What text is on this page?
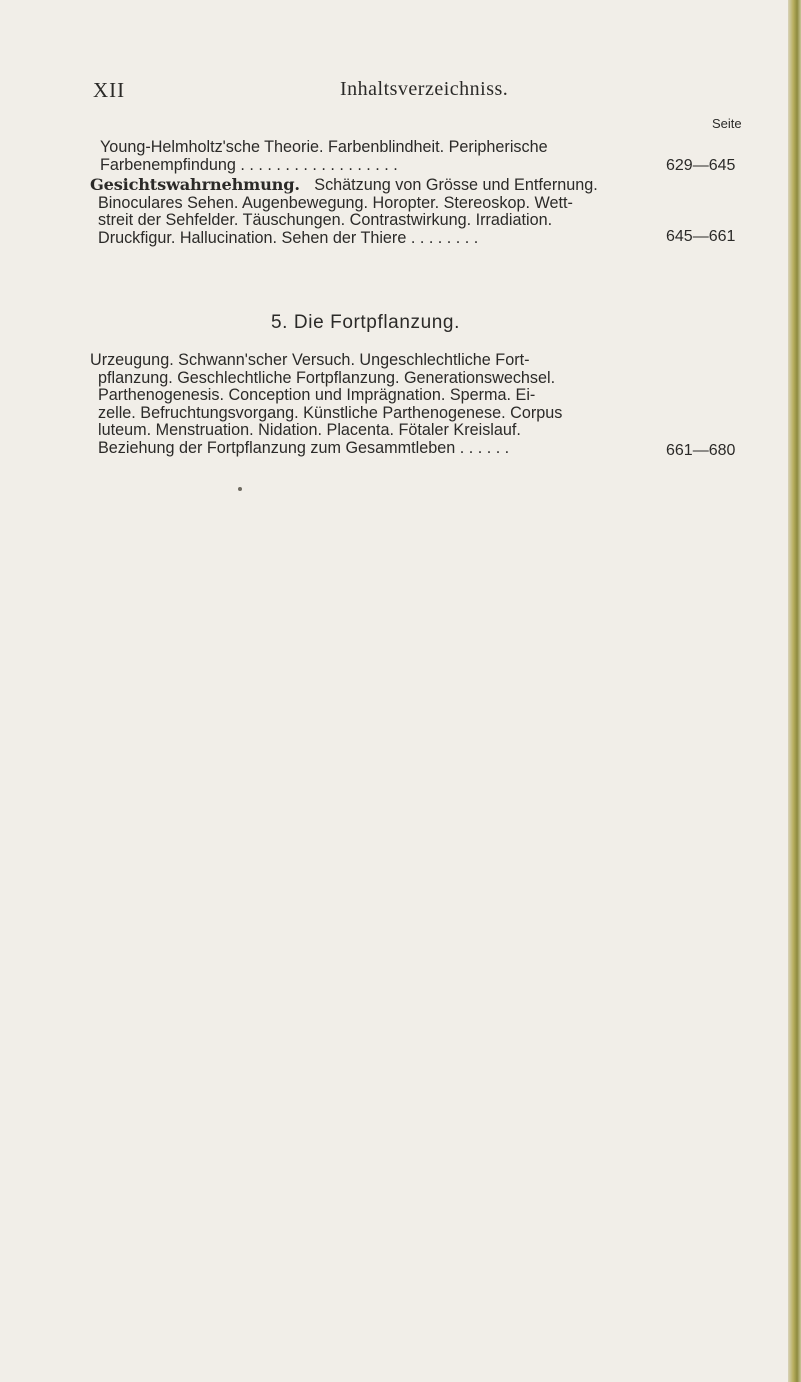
XII	Inhaltsverzeichniss.
Seite
Young-Helmholtz'sche Theorie. Farbenblindheit. Peripherische
Farbenempfindung . . . . . . . . . . . . . . . . . .	629—645
Gesichtswahrnehmung. Schätzung von Grösse und Entfernung.
Binoculares Sehen. Augenbewegung. Horopter. Stereoskop. Wett-
streit der Sehfelder. Täuschungen. Contrastwirkung. Irradiation.
Druckfigur. Hallucination. Sehen der Thiere . . . . . . . .	645—661
5. Die Fortpflanzung.
Urzeugung. Schwann'scher Versuch. Ungeschlechtliche Fort-
pflanzung. Geschlechtliche Fortpflanzung. Generationswechsel.
Parthenogenesis. Conception und Imprägnation. Sperma. Ei-
zelle. Befruchtungsvorgang. Künstliche Parthenogenese. Corpus
luteum. Menstruation. Nidation. Placenta. Fötaler Kreislauf.
Beziehung der Fortpflanzung zum Gesammtleben . . . . . .	661—680
